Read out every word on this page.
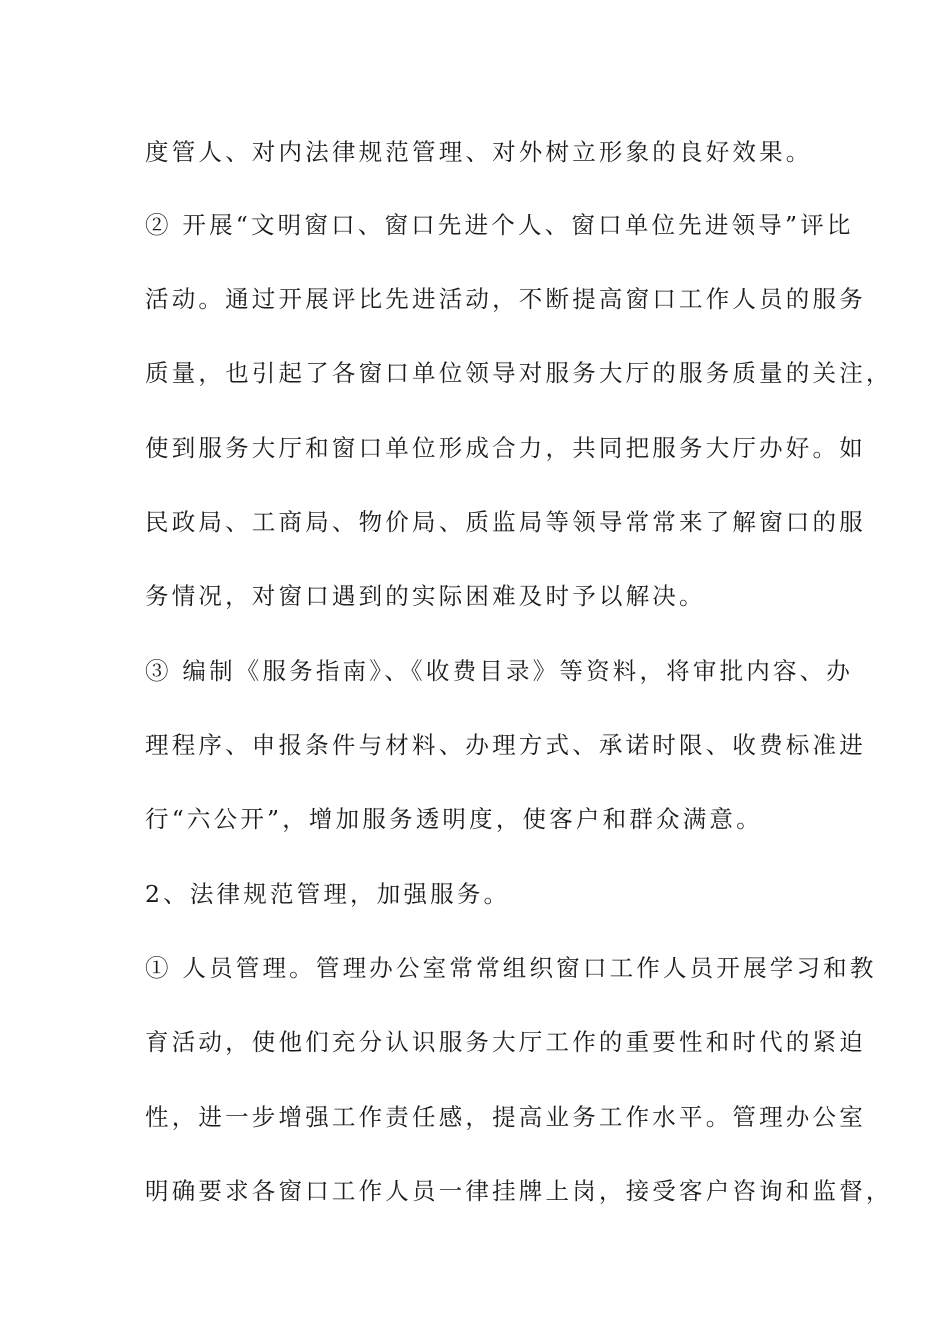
度管人、对内法律规范管理、对外树立形象的良好效果。
② 开展“文明窗口、窗口先进个人、窗口单位先进领导”评比
活动。通过开展评比先进活动，不断提高窗口工作人员的服务
质量，也引起了各窗口单位领导对服务大厅的服务质量的关注，
使到服务大厅和窗口单位形成合力，共同把服务大厅办好。如
民政局、工商局、物价局、质监局等领导常常来了解窗口的服
务情况，对窗口遇到的实际困难及时予以解决。
③ 编制《服务指南》、《收费目录》等资料，将审批内容、办
理程序、申报条件与材料、办理方式、承诺时限、收费标准进
行“六公开”，增加服务透明度，使客户和群众满意。
2、法律规范管理，加强服务。
① 人员管理。管理办公室常常组织窗口工作人员开展学习和教
育活动，使他们充分认识服务大厅工作的重要性和时代的紧迫
性，进一步增强工作责任感，提高业务工作水平。管理办公室
明确要求各窗口工作人员一律挂牌上岗，接受客户咨询和监督，
